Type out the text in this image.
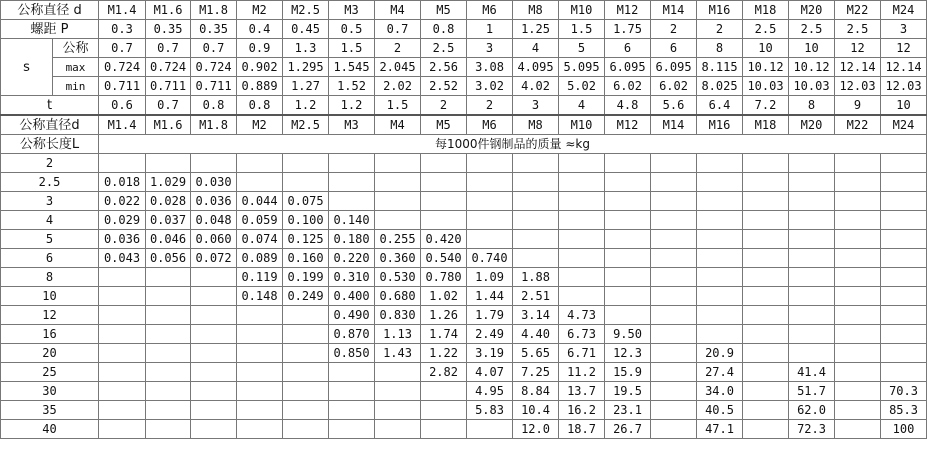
公称直径 d		M1.4	M1.6	M1.8	M2	M2.5	M3	M4	M5	M6	M8	M10	M12	M14	M16	M18	M20	M22	M24
螺距 P		0.3	0.35	0.35	0.4	0.45	0.5	0.7	0.8	1	1.25	1.5	1.75	2	2	2.5	2.5	2.5	3
s	公称	0.7	0.7	0.7	0.9	1.3	1.5	2	2.5	3	4	5	6	6	8	10	10	12	12
	max	0.724	0.724	0.724	0.902	1.295	1.545	2.045	2.56	3.08	4.095	5.095	6.095	6.095	8.115	10.12	10.12	12.14	12.14
	min	0.711	0.711	0.711	0.889	1.27	1.52	2.02	2.52	3.02	4.02	5.02	6.02	6.02	8.025	10.03	10.03	12.03	12.03
t		0.6	0.7	0.8	0.8	1.2	1.2	1.5	2	2	3	4	4.8	5.6	6.4	7.2	8	9	10
公称直径d		M1.4	M1.6	M1.8	M2	M2.5	M3	M4	M5	M6	M8	M10	M12	M14	M16	M18	M20	M22	M24
公称长度L		每1000件钢制品的质量 ≈kg																	
2																			
2.5		0.018	1.029	0.030															
3		0.022	0.028	0.036	0.044	0.075													
4		0.029	0.037	0.048	0.059	0.100	0.140												
5		0.036	0.046	0.060	0.074	0.125	0.180	0.255	0.420										
6		0.043	0.056	0.072	0.089	0.160	0.220	0.360	0.540	0.740									
8					0.119	0.199	0.310	0.530	0.780	1.09	1.88								
10					0.148	0.249	0.400	0.680	1.02	1.44	2.51								
12							0.490	0.830	1.26	1.79	3.14	4.73							
16							0.870	1.13	1.74	2.49	4.40	6.73	9.50						
20							0.850	1.43	1.22	3.19	5.65	6.71	12.3		20.9				
25									2.82	4.07	7.25	11.2	15.9		27.4		41.4		
30										4.95	8.84	13.7	19.5		34.0		51.7		70.3
35										5.83	10.4	16.2	23.1		40.5		62.0		85.3
40											12.0	18.7	26.7		47.1		72.3		100
